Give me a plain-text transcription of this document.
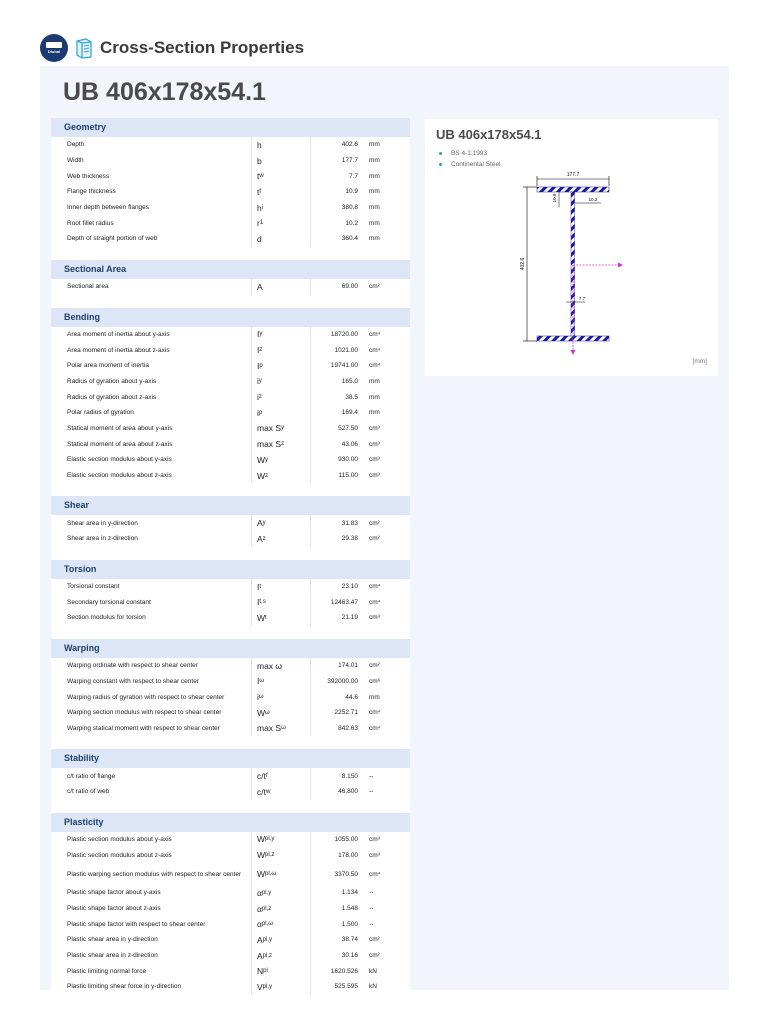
Dlubal Cross-Section Properties
UB 406x178x54.1
Geometry
Depth	h	402.6	mm
Width	b	177.7	mm
Web thickness	t w	7.7	mm
Flange thickness	t f	10.9	mm
Inner depth between flanges	h i	380.8	mm
Root fillet radius	r 1	10.2	mm
Depth of straight portion of web	d	360.4	mm
Sectional Area
Sectional area	A	69.00	cm²
Bending
Area moment of inertia about y-axis	I y	18720.00	cm⁴
Area moment of inertia about z-axis	I z	1021.00	cm⁴
Polar area moment of inertia	I p	19741.00	cm⁴
Radius of gyration about y-axis	i y	165.0	mm
Radius of gyration about z-axis	i z	38.5	mm
Polar radius of gyration	i p	169.4	mm
Statical moment of area about y-axis	max S y	527.50	cm³
Statical moment of area about z-axis	max S z	43.06	cm³
Elastic section modulus about y-axis	W y	930.00	cm³
Elastic section modulus about z-axis	W z	115.00	cm³
Shear
Shear area in y-direction	A y	31.83	cm²
Shear area in z-direction	A z	29.38	cm²
Torsion
Torsional constant	I t	23.10	cm⁴
Secondary torsional constant	I t,s	12463.47	cm⁴
Section modulus for torsion	W t	21.19	cm³
Warping
Warping ordinate with respect to shear center	max ω	174.01	cm²
Warping constant with respect to shear center	I ω	392000.00	cm⁶
Warping radius of gyration with respect to shear center	i ω	44.6	mm
Warping section modulus with respect to shear center	W ω	2252.71	cm⁴
Warping statical moment with respect to shear center	max S ω	842.63	cm⁴
Stability
c/t ratio of flange	c/t f	8.150	--
c/t ratio of web	c/t w	46.800	--
Plasticity
Plastic section modulus about y-axis	W pl,y	1055.00	cm³
Plastic section modulus about z-axis	W pl,z	178.00	cm³
Plastic warping section modulus with respect to shear center	W pl,ω	3370.50	cm⁴
Plastic shape factor about y-axis	α pl,y	1.134	--
Plastic shape factor about z-axis	α pl,z	1.548	--
Plastic shape factor with respect to shear center	α pl,ω	1.500	--
Plastic shear area in y-direction	A pl,y	38.74	cm²
Plastic shear area in z-direction	A pl,z	30.16	cm²
Plastic limiting normal force	N pl	1620.526	kN
Plastic limiting shear force in y-direction	V pl,y	525.595	kN
UB 406x178x54.1
BS 4-1:1993
Continental Steel
177.7
402.6
10.9	10.2
7.7
[mm]
